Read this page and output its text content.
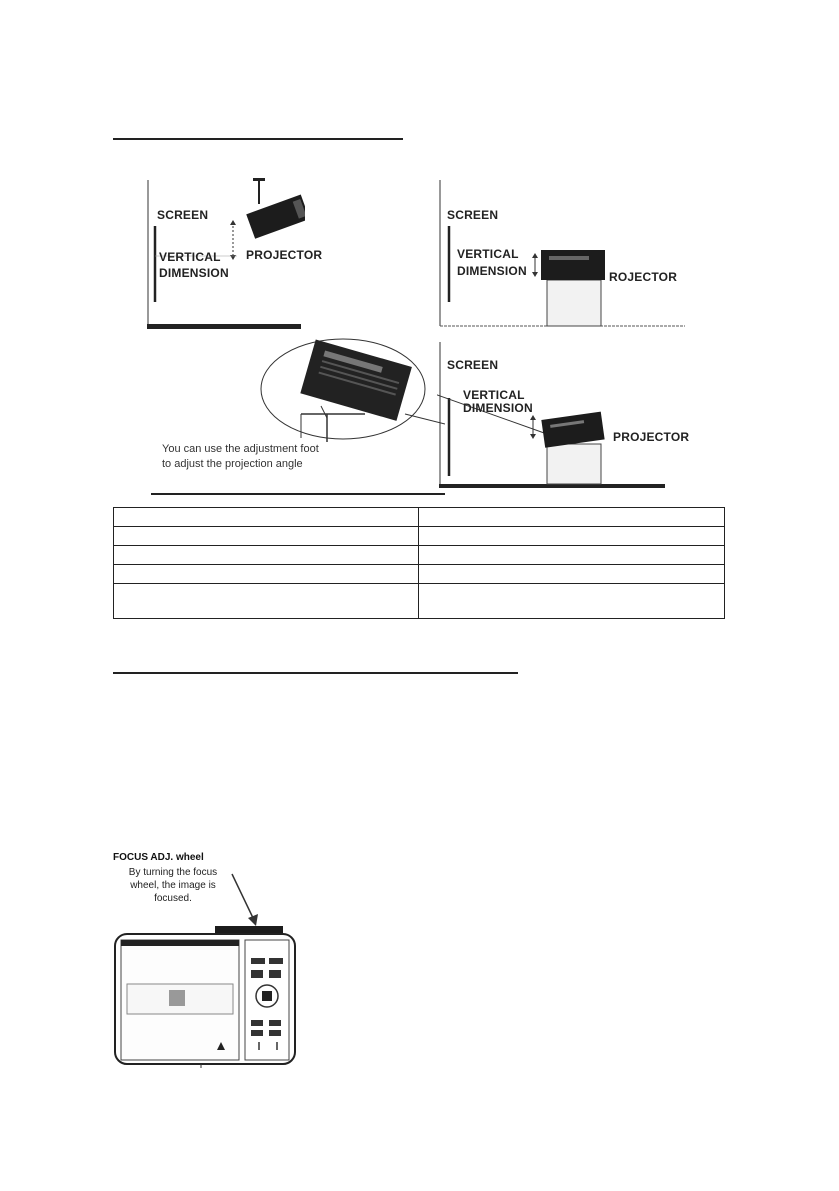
SCREEN
VERTICAL
DIMENSION
PROJECTOR
SCREEN
VERTICAL
DIMENSION	ROJECTOR
You can use the adjustment foot
to adjust the projection angle
SCREEN
VERTICAL
DIMENSION
PROJECTOR

FOCUS ADJ. wheel
By turning the focus
wheel, the image is
focused.
